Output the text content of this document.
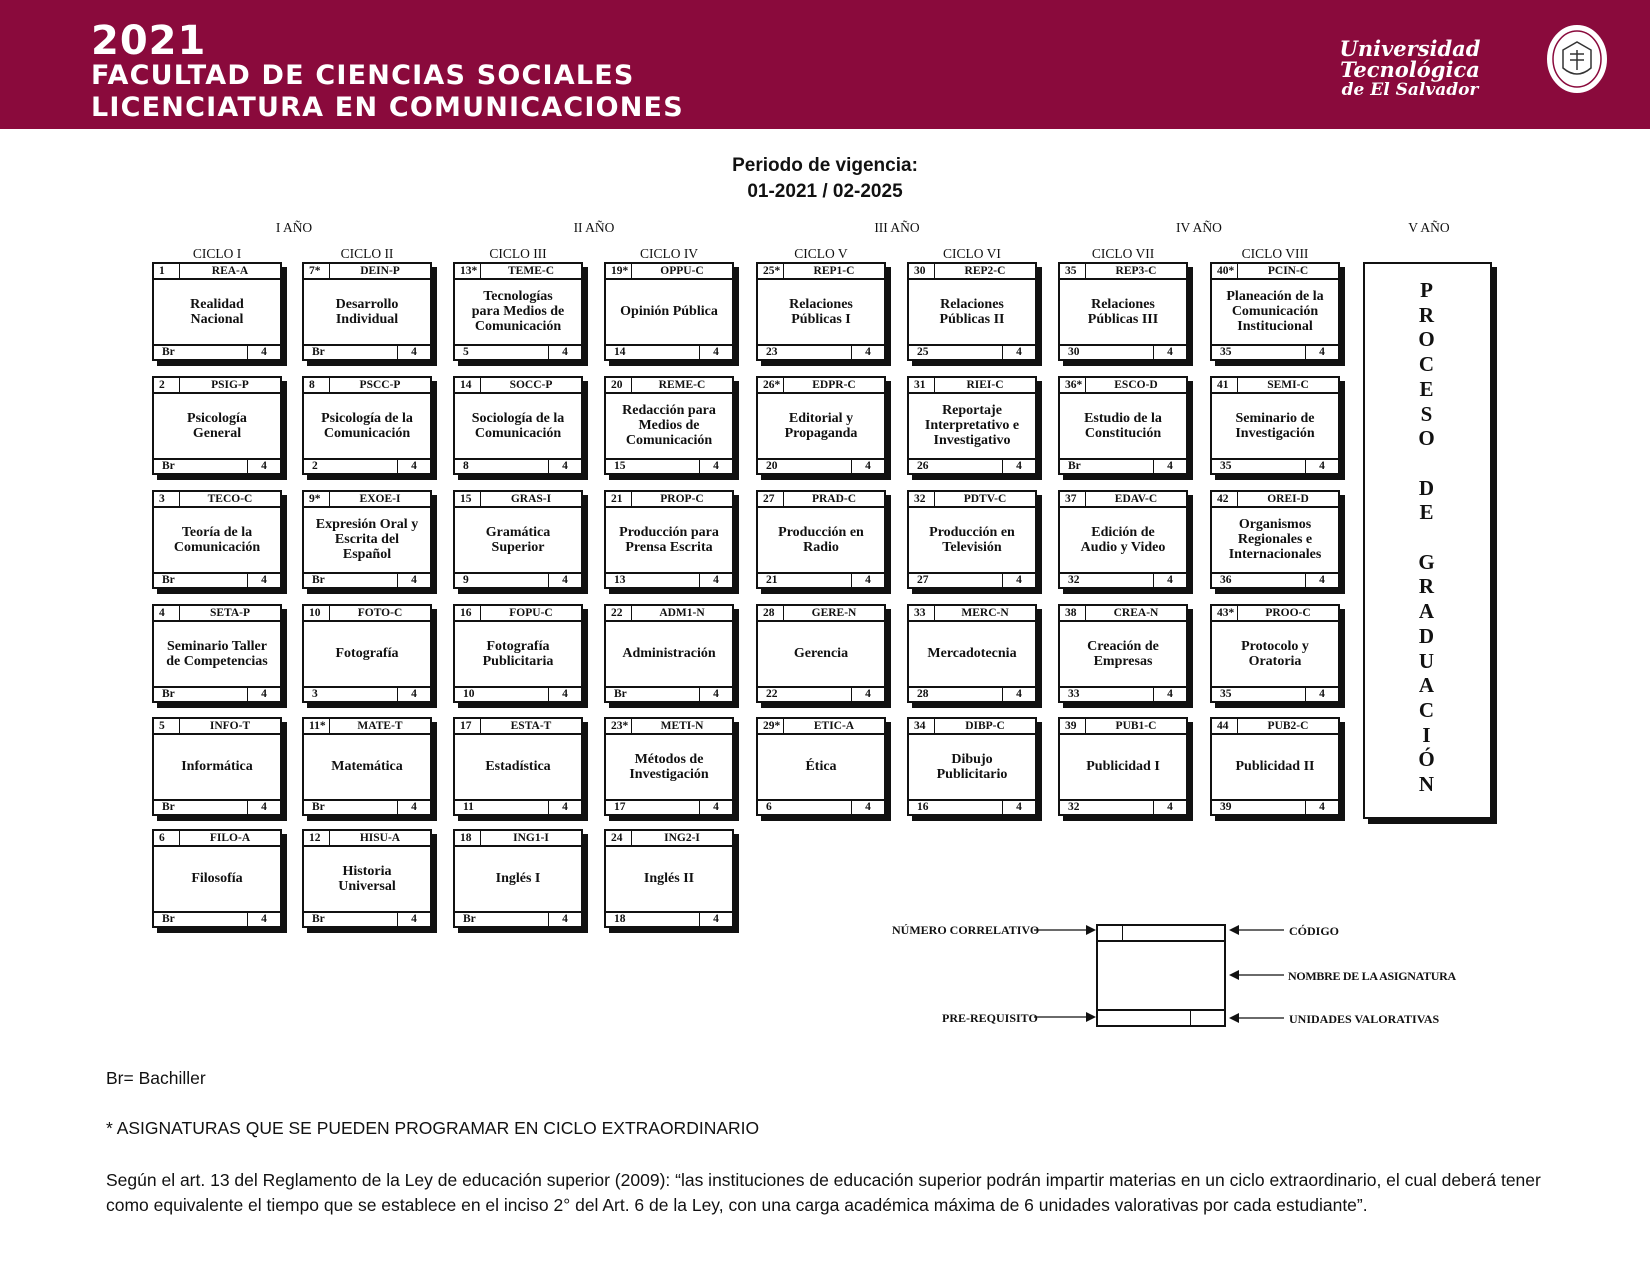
2021
FACULTAD DE CIENCIAS SOCIALES
LICENCIATURA EN COMUNICACIONES
Universidad Tecnológica
de El Salvador
Periodo de vigencia:
01-2021 / 02-2025
I AÑO	II AÑO	III AÑO	IV AÑO	V AÑO
CICLO I	CICLO II	CICLO III	CICLO IV	CICLO V	CICLO VI	CICLO VII	CICLO VIII
1	REA-A
Realidad
Nacional
Br	4
2	PSIG-P
Psicología
General
Br	4
3	TECO-C
Teoría de la
Comunicación
Br	4
4	SETA-P
Seminario Taller
de Competencias
Br	4
5	INFO-T
Informática
Br	4
6	FILO-A
Filosofía
Br	4
7*	DEIN-P
Desarrollo
Individual
Br	4
8	PSCC-P
Psicología de la
Comunicación
2	4
9*	EXOE-I
Expresión Oral y
Escrita del
Español
Br	4
10	FOTO-C
Fotografía
3	4
11*	MATE-T
Matemática
Br	4
12	HISU-A
Historia
Universal
Br	4
13*	TEME-C
Tecnologías
para Medios de
Comunicación
5	4
14	SOCC-P
Sociología de la
Comunicación
8	4
15	GRAS-I
Gramática
Superior
9	4
16	FOPU-C
Fotografía
Publicitaria
10	4
17	ESTA-T
Estadística
11	4
18	ING1-I
Inglés I
Br	4
19*	OPPU-C
Opinión Pública
14	4
20	REME-C
Redacción para
Medios de
Comunicación
15	4
21	PROP-C
Producción para
Prensa Escrita
13	4
22	ADM1-N
Administración
Br	4
23*	METI-N
Métodos de
Investigación
17	4
24	ING2-I
Inglés II
18	4
25*	REP1-C
Relaciones
Públicas I
23	4
26*	EDPR-C
Editorial y
Propaganda
20	4
27	PRAD-C
Producción en
Radio
21	4
28	GERE-N
Gerencia
22	4
29*	ETIC-A
Ética
6	4
30	REP2-C
Relaciones
Públicas II
25	4
31	RIEI-C
Reportaje
Interpretativo e
Investigativo
26	4
32	PDTV-C
Producción en
Televisión
27	4
33	MERC-N
Mercadotecnia
28	4
34	DIBP-C
Dibujo
Publicitario
16	4
35	REP3-C
Relaciones
Públicas III
30	4
36*	ESCO-D
Estudio de la
Constitución
Br	4
37	EDAV-C
Edición de
Audio y Video
32	4
38	CREA-N
Creación de
Empresas
33	4
39	PUB1-C
Publicidad I
32	4
40*	PCIN-C
Planeación de la
Comunicación
Institucional
35	4
41	SEMI-C
Seminario de
Investigación
35	4
42	OREI-D
Organismos
Regionales e
Internacionales
36	4
43*	PROO-C
Protocolo y
Oratoria
35	4
44	PUB2-C
Publicidad II
39	4
P
R
O
C
E
S
O

D
E

G
R
A
D
U
A
C
I
Ó
N
NÚMERO CORRELATIVO
PRE-REQUISITO
CÓDIGO
NOMBRE DE LA ASIGNATURA
UNIDADES VALORATIVAS
Br= Bachiller
* ASIGNATURAS QUE SE PUEDEN PROGRAMAR EN CICLO EXTRAORDINARIO
Según el art. 13 del Reglamento de la Ley de educación superior (2009): “las instituciones de educación superior podrán impartir materias en un ciclo extraordinario, el cual deberá tener como equivalente el tiempo que se establece en el inciso 2° del Art. 6 de la Ley, con una carga académica máxima de 6 unidades valorativas por cada estudiante”.
